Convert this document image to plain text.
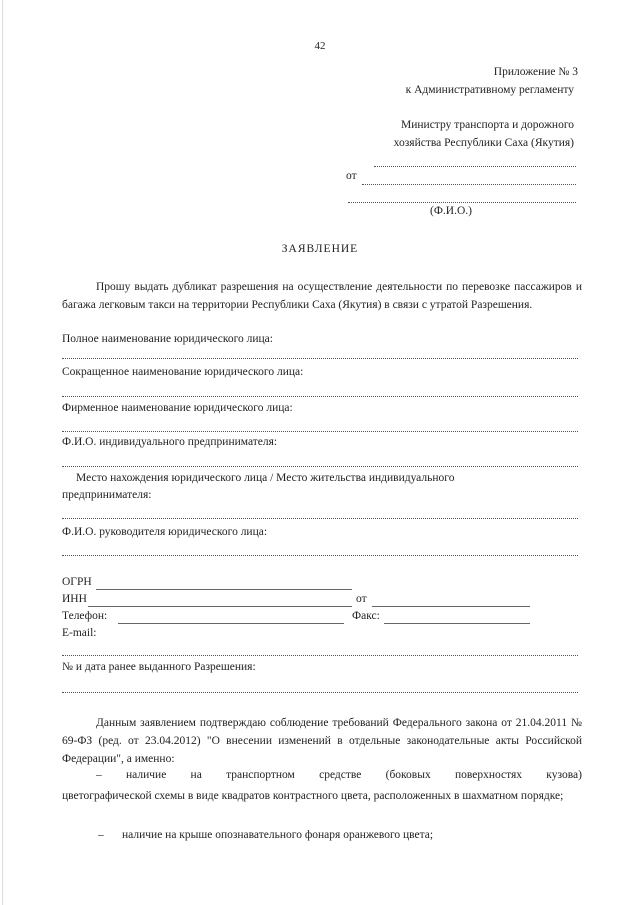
42
Приложение № 3
к Административному регламенту
Министру транспорта и дорожного
хозяйства Республики Саха (Якутия)
от
(Ф.И.О.)
ЗАЯВЛЕНИЕ
Прошу выдать дубликат разрешения на осуществление деятельности по перевозке пассажиров и багажа легковым такси на территории Республики Саха (Якутия) в связи с утратой Разрешения.
Полное наименование юридического лица:
Сокращенное наименование юридического лица:
Фирменное наименование юридического лица:
Ф.И.О. индивидуального предпринимателя:
Место нахождения юридического лица / Место жительства индивидуального
предпринимателя:
Ф.И.О. руководителя юридического лица:
ОГРН
ИНН	от
Телефон:	Факс:
E-mail:
№ и дата ранее выданного Разрешения:
Данным заявлением подтверждаю соблюдение требований Федерального закона от 21.04.2011 № 69-ФЗ (ред. от 23.04.2012) "О внесении изменений в отдельные законодательные акты Российской Федерации", а именно:
– наличие на транспортном средстве (боковых поверхностях кузова)
цветографической схемы в виде квадратов контрастного цвета, расположенных в шахматном порядке;
– наличие на крыше опознавательного фонаря оранжевого цвета;
